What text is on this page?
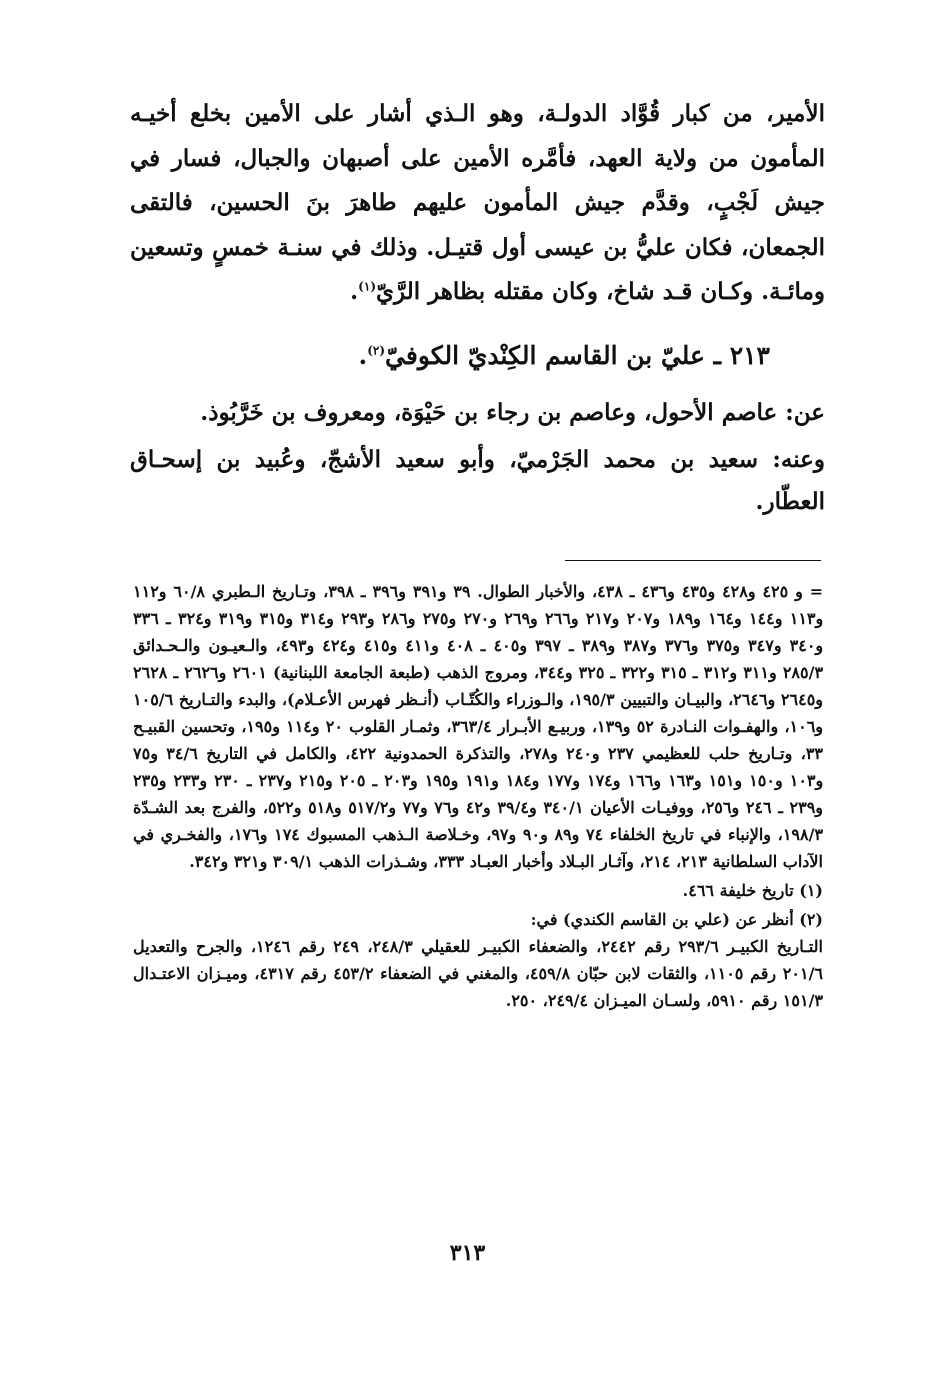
الأمير، من كبار قُوَّاد الدولـة، وهو الـذي أشار على الأمين بخلع أخيـه المأمون من ولاية العهد، فأمَّره الأمين على أصبهان والجبال، فسار في جيش لَجْبٍ، وقدَّم جيش المأمون عليهم طاهرَ بنَ الحسين، فالتقى الجمعان، فكان عليُّ بن عيسى أول قتيـل. وذلك في سنـة خمسٍ وتسعين ومائـة. وكـان قـد شاخ، وكان مقتله بظاهر الرَّيّ$^{(١)}$.

٢١٣ ـ عليّ بن القاسم الكِنْديّ الكوفيّ$^{(٢)}$.

عن: عاصم الأحول، وعاصم بن رجاء بن حَيْوَة، ومعروف بن خَرَّبُوذ.

وعنه: سعيد بن محمد الجَرْميّ، وأبو سعيد الأشجّ، وعُبيد بن إسحـاق العطّار.

= و ٤٢٥ و٤٢٨ و٤٣٥ و٤٣٦ ـ ٤٣٨، والأخبار الطوال. ٣٩ و٣٩١ و٣٩٦ ـ ٣٩٨، وتـاريخ الـطبري ٦٠/٨ و١١٢ و١١٣ و١٤٤ و١٦٤ و١٨٩ و٢٠٧ و٢١٧ و٢٦٦ و٢٦٩ و٢٧٠ و٢٧٥ و٢٨٦ و٢٩٣ و٣١٤ و٣١٥ و٣١٩ و٣٢٤ ـ ٣٣٦ و٣٤٠ و٣٤٧ و٣٧٥ و٣٧٦ و٣٨٧ و٣٨٩ ـ ٣٩٧ و٤٠٥ ـ ٤٠٨ و٤١١ و٤١٥ و٤٢٤ و٤٩٣، والـعيـون والـحـدائق ٢٨٥/٣ و٣١١ و٣١٢ ـ ٣١٥ و٣٢٢ ـ ٣٢٥ و٣٤٤، ومروج الذهب (طبعة الجامعة اللبنانية) ٢٦٠١ و٢٦٢٦ ـ ٢٦٢٨ و٢٦٤٥ و٢٦٤٦، والبيـان والتبيين ١٩٥/٣، والـوزراء والكُتّـاب (أنـظر فهرس الأعـلام)، والبدء والتـاريخ ١٠٥/٦ و١٠٦، والهفـوات النـادرة ٥٢ و١٣٩، وربيـع الأبـرار ٣٦٣/٤، وثمـار القلوب ٢٠ و١١٤ و١٩٥، وتحسين القبيـح ٣٣، وتـاريخ حلب للعظيمي ٢٣٧ و٢٤٠ و٢٧٨، والتذكرة الحمدونية ٤٢٢، والكامل في التاريخ ٣٤/٦ و٧٥ و١٠٣ و١٥٠ و١٥١ و١٦٣ و١٦٦ و١٧٤ و١٧٧ و١٨٤ و١٩١ و١٩٥ و٢٠٣ ـ ٢٠٥ و٢١٥ و٢٣٧ ـ ٢٣٠ و٢٣٣ و٢٣٥ و٢٣٩ ـ ٢٤٦ و٢٥٦، ووفيـات الأعيان ٣٤٠/١ و٣٩/٤ و٤٢ و٧٦ و٧٧ و٥١٧/٢ و٥١٨ و٥٢٢، والفرج بعد الشـدّة ١٩٨/٣، والإنباء في تاريخ الخلفاء ٧٤ و٨٩ و٩٠ و٩٧، وخـلاصة الـذهب المسبوك ١٧٤ و١٧٦، والفخـري في الآداب السلطانية ٢١٣، ٢١٤، وآثـار البـلاد وأخبار العبـاد ٣٣٣، وشـذرات الذهب ٣٠٩/١ و٣٢١ و٣٤٢.

(١) تاريخ خليفة ٤٦٦.

(٢) أنظر عن (علي بن القاسم الكندي) في:

التـاريخ الكبيـر ٢٩٣/٦ رقم ٢٤٤٢، والضعفاء الكبيـر للعقيلي ٢٤٨/٣، ٢٤٩ رقم ١٢٤٦، والجرح والتعديل ٢٠١/٦ رقم ١١٠٥، والثقات لابن حبّان ٤٥٩/٨، والمغني في الضعفاء ٤٥٣/٢ رقم ٤٣١٧، وميـزان الاعتـدال ١٥١/٣ رقم ٥٩١٠، ولسـان الميـزان ٢٤٩/٤، ٢٥٠.

٣١٣
